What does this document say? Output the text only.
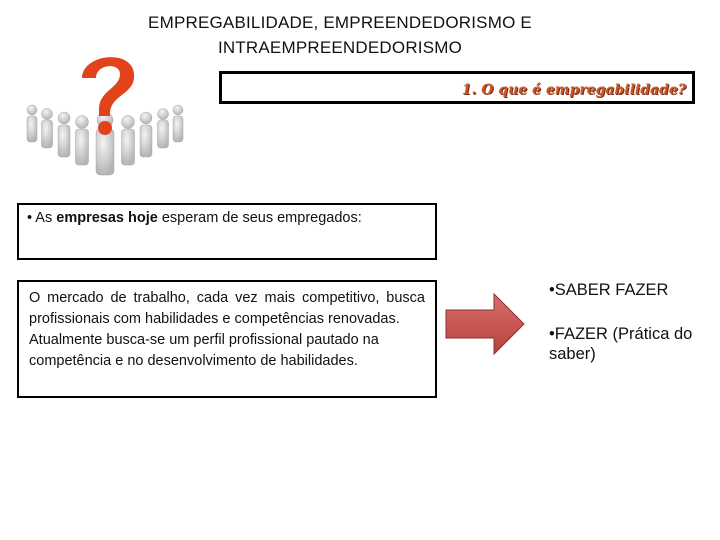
EMPREGABILIDADE, EMPREENDEDORISMO E
INTRAEMPREENDEDORISMO
1. O que é empregabilidade?

• As empresas hoje esperam de seus empregados:

O mercado de trabalho, cada vez mais competitivo, busca profissionais com habilidades e competências renovadas.

Atualmente busca-se um perfil profissional pautado na competência e no desenvolvimento de habilidades.

•SABER FAZER
•FAZER (Prática do saber)
